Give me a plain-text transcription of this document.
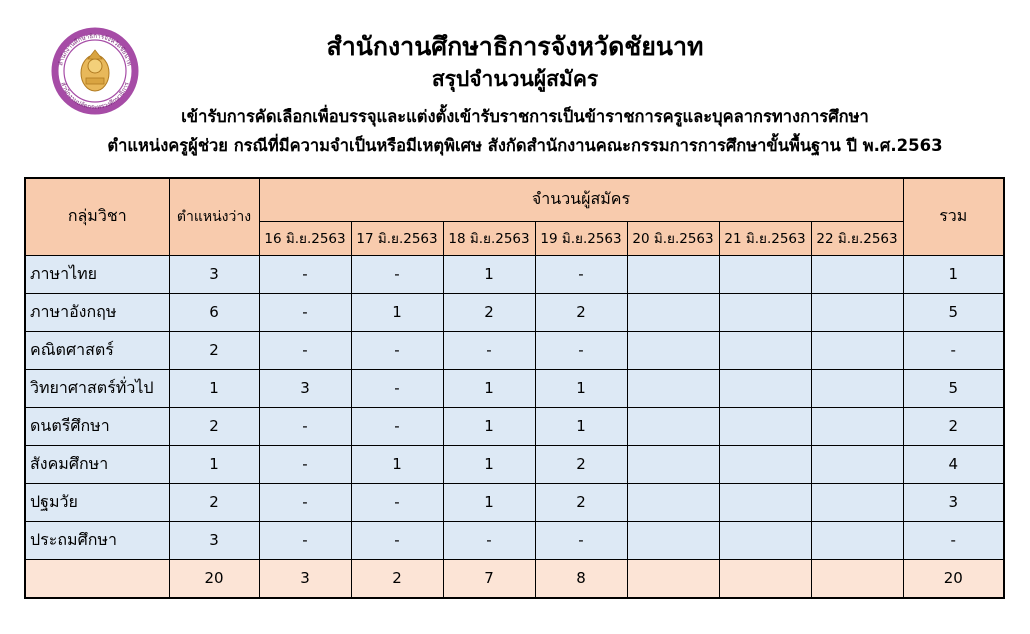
สำนักงานศึกษาธิการจังหวัดชัยนาท
สำนักงานปลัดกระทรวงศึกษาธิการ
สำนักงานศึกษาธิการจังหวัดชัยนาท
สรุปจำนวนผู้สมัคร
เข้ารับการคัดเลือกเพื่อบรรจุและแต่งตั้งเข้ารับราชการเป็นข้าราชการครูและบุคลากรทางการศึกษา
ตำแหน่งครูผู้ช่วย กรณีที่มีความจำเป็นหรือมีเหตุพิเศษ สังกัดสำนักงานคณะกรรมการการศึกษาขั้นพื้นฐาน ปี พ.ศ.2563
กลุ่มวิชา	ตำแหน่งว่าง	จำนวนผู้สมัคร							รวม
		16 มิ.ย.2563	17 มิ.ย.2563	18 มิ.ย.2563	19 มิ.ย.2563	20 มิ.ย.2563	21 มิ.ย.2563	22 มิ.ย.2563	
ภาษาไทย	3	-	-	1	-				1
ภาษาอังกฤษ	6	-	1	2	2				5
คณิตศาสตร์	2	-	-	-	-				-
วิทยาศาสตร์ทั่วไป	1	3	-	1	1				5
ดนตรีศึกษา	2	-	-	1	1				2
สังคมศึกษา	1	-	1	1	2				4
ปฐมวัย	2	-	-	1	2				3
ประถมศึกษา	3	-	-	-	-				-
	20	3	2	7	8				20
